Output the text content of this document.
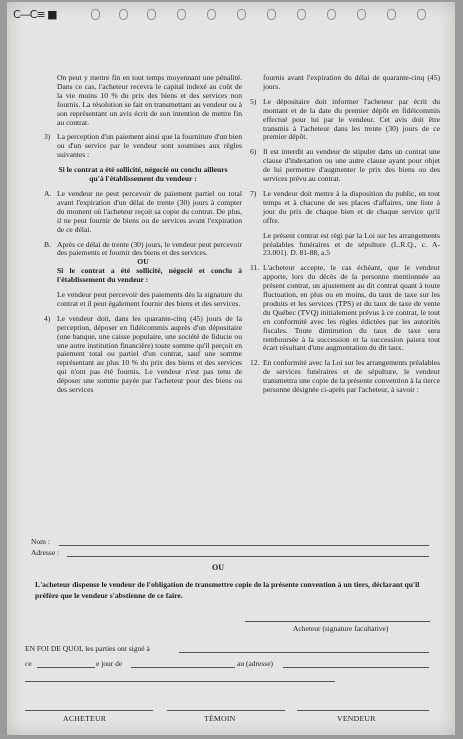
C—C≡ ■

On peut y mettre fin en tout temps moyennant une pénalité. Dans ce cas, l'acheteur recevra le capital indexé au coût de la vie moins 10 % du prix des biens et des services non fournis. La résolution se fait en transmettant au vendeur ou à son représentant un avis écrit de son intention de mettre fin au contrat.

3) La perception d'un paiement ainsi que la fourniture d'un bien ou d'un service par le vendeur sont soumises aux règles suivantes :

Si le contrat a été sollicité, négocié ou conclu ailleurs qu'à l'établissement du vendeur :

A. Le vendeur ne peut percevoir de paiement partiel ou total avant l'expiration d'un délai de trente (30) jours à compter du moment où l'acheteur reçoit sa copie du contrat. De plus, il ne peut fournir de biens ou de services avant l'expiration de ce délai.

B. Après ce délai de trente (30) jours, le vendeur peut percevoir des paiements et fournir des biens et des services.

OU

Si le contrat a été sollicité, négocié et conclu à l'établissement du vendeur :

Le vendeur peut percevoir des paiements dès la signature du contrat et il peut également fournir des biens et des services.

4) Le vendeur doit, dans les quarante-cinq (45) jours de la perception, déposer en fidéicommis auprès d'un dépositaire (une banque, une caisse populaire, une société de fiducie ou une autre institution financière) toute somme qu'il perçoit en paiement total ou partiel d'un contrat, sauf une somme représentant au plus 10 % du prix des biens et des services qui n'ont pas été fournis. Le vendeur n'est pas tenu de déposer une somme payée par l'acheteur pour des biens ou des services

fournis avant l'expiration du délai de quarante-cinq (45) jours.

5) Le dépositaire doit informer l'acheteur par écrit du montant et de la date du premier dépôt en fidéicommis effectué pour lui par le vendeur. Cet avis doit être transmis à l'acheteur dans les trente (30) jours de ce premier dépôt.

6) Il est interdit au vendeur de stipuler dans un contrat une clause d'indexation ou une autre clause ayant pour objet de lui permettre d'augmenter le prix des biens ou des services prévu au contrat.

7) Le vendeur doit mettre à la disposition du public, en tout temps et à chacune de ses places d'affaires, une liste à jour du prix de chaque bien et de chaque service qu'il offre.

Le présent contrat est régi par la Loi sur les arrangements préalables funéraires et de sépulture (L.R.Q., c. A-23.001). D. 81-88, a.5

11. L'acheteur accepte, le cas échéant, que le vendeur apporte, lors du décès de la personne mentionnée au présent contrat, un ajustement au dit contrat quant à toute fluctuation, en plus ou en moins, du taux de taxe sur les produits et les services (TPS) et du taux de taxe de vente du Québec (TVQ) initialement prévus à ce contrat, le tout en conformité avec les règles édictées par les autorités fiscales. Toute diminution du taux de taxe sera remboursée à la succession et la succession paiera tout écart résultant d'une augmentation du dit taux.

12. En conformité avec la Loi sur les arrangements préalables de services funéraires et de sépulture, le vendeur transmettra une copie de la présente convention à la tierce personne désignée ci-après par l'acheteur, à savoir :

Nom :
Adresse :
OU

L'acheteur dispense le vendeur de l'obligation de transmettre copie de la présente convention à un tiers, déclarant qu'il préfère que le vendeur s'abstienne de ce faire.

Acheteur (signature facultative)
EN FOI DE QUOI, les parties ont signé à
ce	e jour de	au (adresse)
ACHETEUR	TÉMOIN	VENDEUR
